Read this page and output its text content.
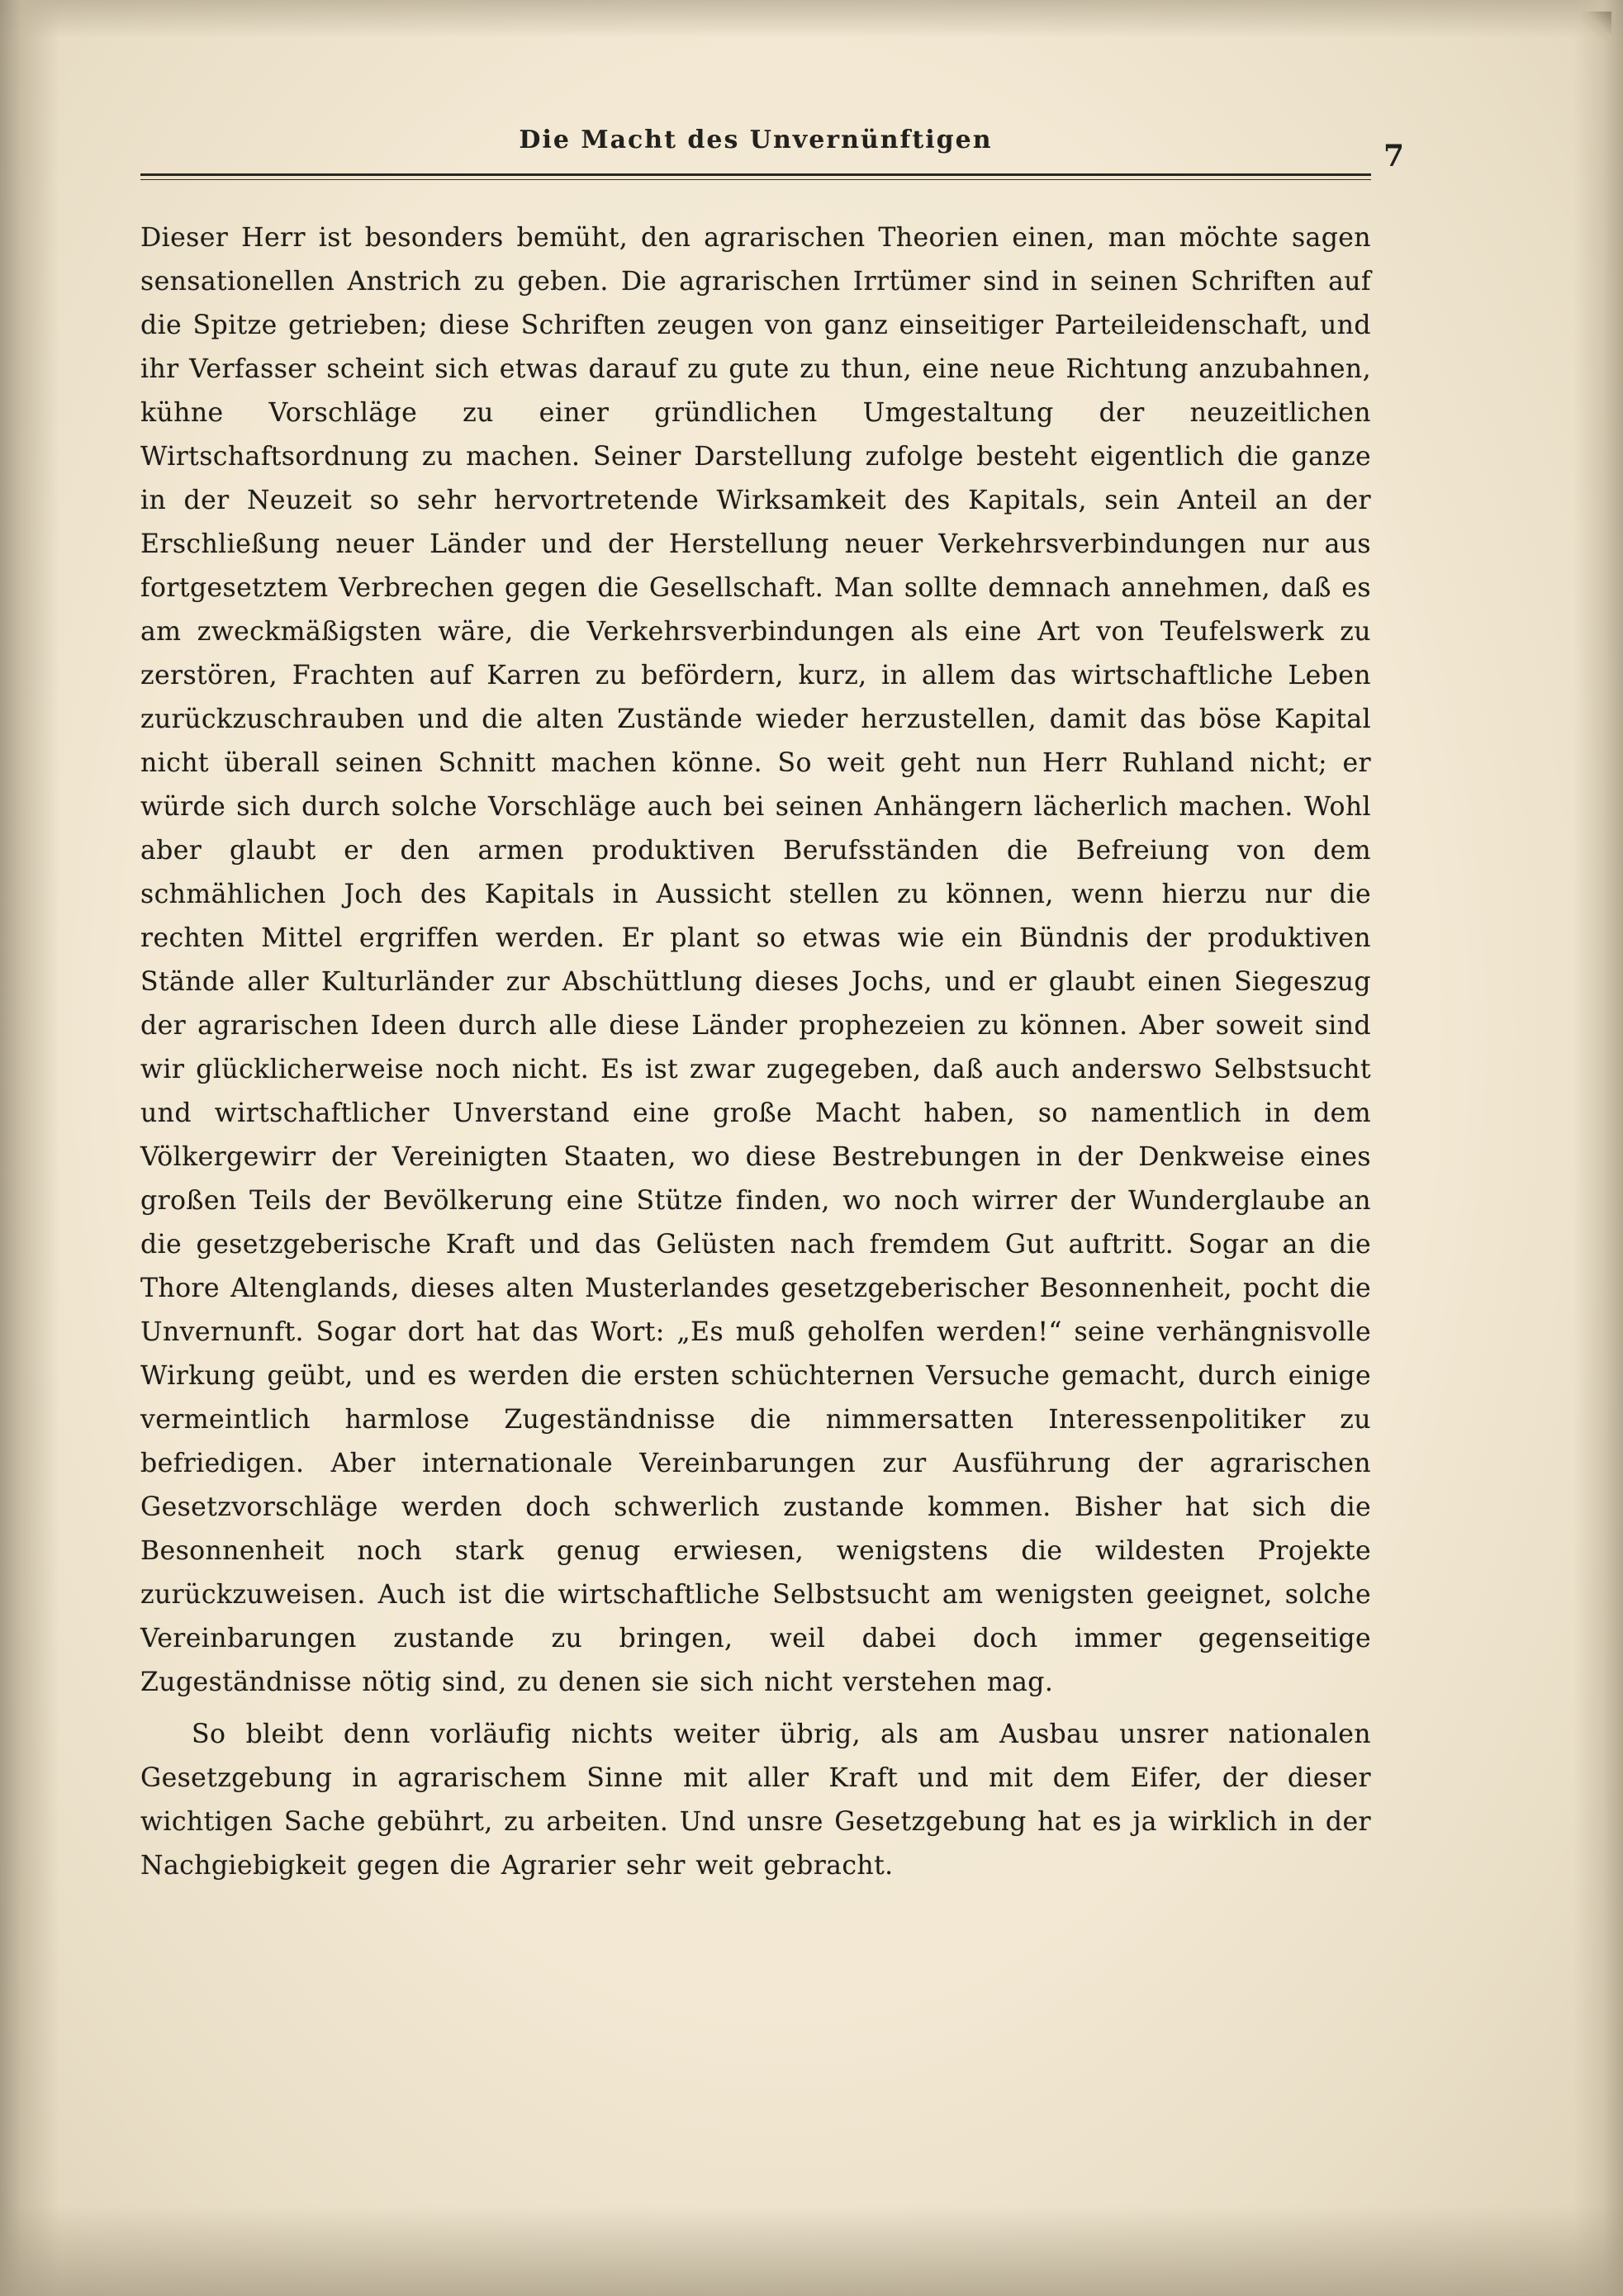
Die Macht des Unvernünftigen	7

Dieser Herr ist besonders bemüht, den agrarischen Theorien einen, man möchte sagen sensationellen Anstrich zu geben. Die agrarischen Irrtümer sind in seinen Schriften auf die Spitze getrieben; diese Schriften zeugen von ganz einseitiger Parteileidenschaft, und ihr Verfasser scheint sich etwas darauf zu gute zu thun, eine neue Richtung anzubahnen, kühne Vorschläge zu einer gründlichen Umgestaltung der neuzeitlichen Wirtschaftsordnung zu machen. Seiner Darstellung zufolge besteht eigentlich die ganze in der Neuzeit so sehr hervortretende Wirksamkeit des Kapitals, sein Anteil an der Erschließung neuer Länder und der Herstellung neuer Verkehrsverbindungen nur aus fortgesetztem Verbrechen gegen die Gesellschaft. Man sollte demnach annehmen, daß es am zweckmäßigsten wäre, die Verkehrsverbindungen als eine Art von Teufelswerk zu zerstören, Frachten auf Karren zu befördern, kurz, in allem das wirtschaftliche Leben zurückzuschrauben und die alten Zustände wieder herzustellen, damit das böse Kapital nicht überall seinen Schnitt machen könne. So weit geht nun Herr Ruhland nicht; er würde sich durch solche Vorschläge auch bei seinen Anhängern lächerlich machen. Wohl aber glaubt er den armen produktiven Berufsständen die Befreiung von dem schmählichen Joch des Kapitals in Aussicht stellen zu können, wenn hierzu nur die rechten Mittel ergriffen werden. Er plant so etwas wie ein Bündnis der produktiven Stände aller Kulturländer zur Abschüttlung dieses Jochs, und er glaubt einen Siegeszug der agrarischen Ideen durch alle diese Länder prophezeien zu können. Aber soweit sind wir glücklicherweise noch nicht. Es ist zwar zugegeben, daß auch anderswo Selbstsucht und wirtschaftlicher Unverstand eine große Macht haben, so namentlich in dem Völkergewirr der Vereinigten Staaten, wo diese Bestrebungen in der Denkweise eines großen Teils der Bevölkerung eine Stütze finden, wo noch wirrer der Wunderglaube an die gesetzgeberische Kraft und das Gelüsten nach fremdem Gut auftritt. Sogar an die Thore Altenglands, dieses alten Musterlandes gesetzgeberischer Besonnenheit, pocht die Unvernunft. Sogar dort hat das Wort: „Es muß geholfen werden!“ seine verhängnisvolle Wirkung geübt, und es werden die ersten schüchternen Versuche gemacht, durch einige vermeintlich harmlose Zugeständnisse die nimmersatten Interessenpolitiker zu befriedigen. Aber internationale Vereinbarungen zur Ausführung der agrarischen Gesetzvorschläge werden doch schwerlich zustande kommen. Bisher hat sich die Besonnenheit noch stark genug erwiesen, wenigstens die wildesten Projekte zurückzuweisen. Auch ist die wirtschaftliche Selbstsucht am wenigsten geeignet, solche Vereinbarungen zustande zu bringen, weil dabei doch immer gegenseitige Zugeständnisse nötig sind, zu denen sie sich nicht verstehen mag.

So bleibt denn vorläufig nichts weiter übrig, als am Ausbau unsrer nationalen Gesetzgebung in agrarischem Sinne mit aller Kraft und mit dem Eifer, der dieser wichtigen Sache gebührt, zu arbeiten. Und unsre Gesetzgebung hat es ja wirklich in der Nachgiebigkeit gegen die Agrarier sehr weit gebracht.
